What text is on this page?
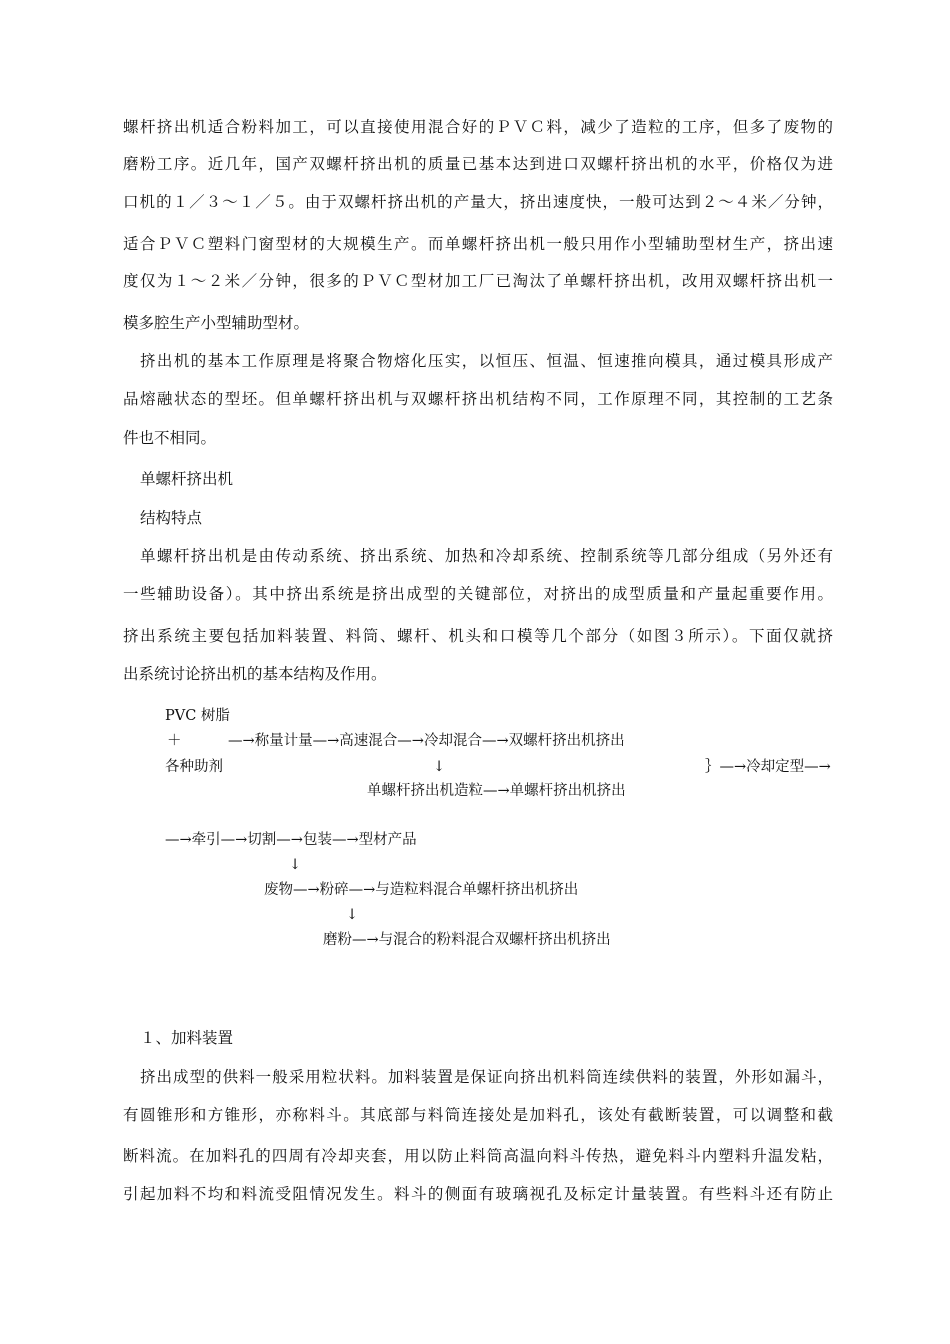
螺杆挤出机适合粉料加工，可以直接使用混合好的ＰＶＣ料，减少了造粒的工序，但多了废物的
磨粉工序。近几年，国产双螺杆挤出机的质量已基本达到进口双螺杆挤出机的水平，价格仅为进
口机的１／３～１／５。由于双螺杆挤出机的产量大，挤出速度快，一般可达到２～４米／分钟，
适合ＰＶＣ塑料门窗型材的大规模生产。而单螺杆挤出机一般只用作小型辅助型材生产，挤出速
度仅为１～２米／分钟，很多的ＰＶＣ型材加工厂已淘汰了单螺杆挤出机，改用双螺杆挤出机一
模多腔生产小型辅助型材。
挤出机的基本工作原理是将聚合物熔化压实，以恒压、恒温、恒速推向模具，通过模具形成产
品熔融状态的型坯。但单螺杆挤出机与双螺杆挤出机结构不同，工作原理不同，其控制的工艺条
件也不相同。
单螺杆挤出机
结构特点
单螺杆挤出机是由传动系统、挤出系统、加热和冷却系统、控制系统等几部分组成（另外还有
一些辅助设备）。其中挤出系统是挤出成型的关键部位，对挤出的成型质量和产量起重要作用。
挤出系统主要包括加料装置、料筒、螺杆、机头和口模等几个部分（如图３所示）。下面仅就挤
出系统讨论挤出机的基本结构及作用。
PVC 树脂
＋	—→称量计量—→高速混合—→冷却混合—→双螺杆挤出机挤出
各种助剂	↓	｝—→冷却定型—→
单螺杆挤出机造粒—→单螺杆挤出机挤出
—→牵引—→切割—→包装—→型材产品
↓
废物—→粉碎—→与造粒料混合单螺杆挤出机挤出
↓
磨粉—→与混合的粉料混合双螺杆挤出机挤出
１、加料装置
挤出成型的供料一般采用粒状料。加料装置是保证向挤出机料筒连续供料的装置，外形如漏斗，
有圆锥形和方锥形，亦称料斗。其底部与料筒连接处是加料孔，该处有截断装置，可以调整和截
断料流。在加料孔的四周有冷却夹套，用以防止料筒高温向料斗传热，避免料斗内塑料升温发粘，
引起加料不均和料流受阻情况发生。料斗的侧面有玻璃视孔及标定计量装置。有些料斗还有防止
